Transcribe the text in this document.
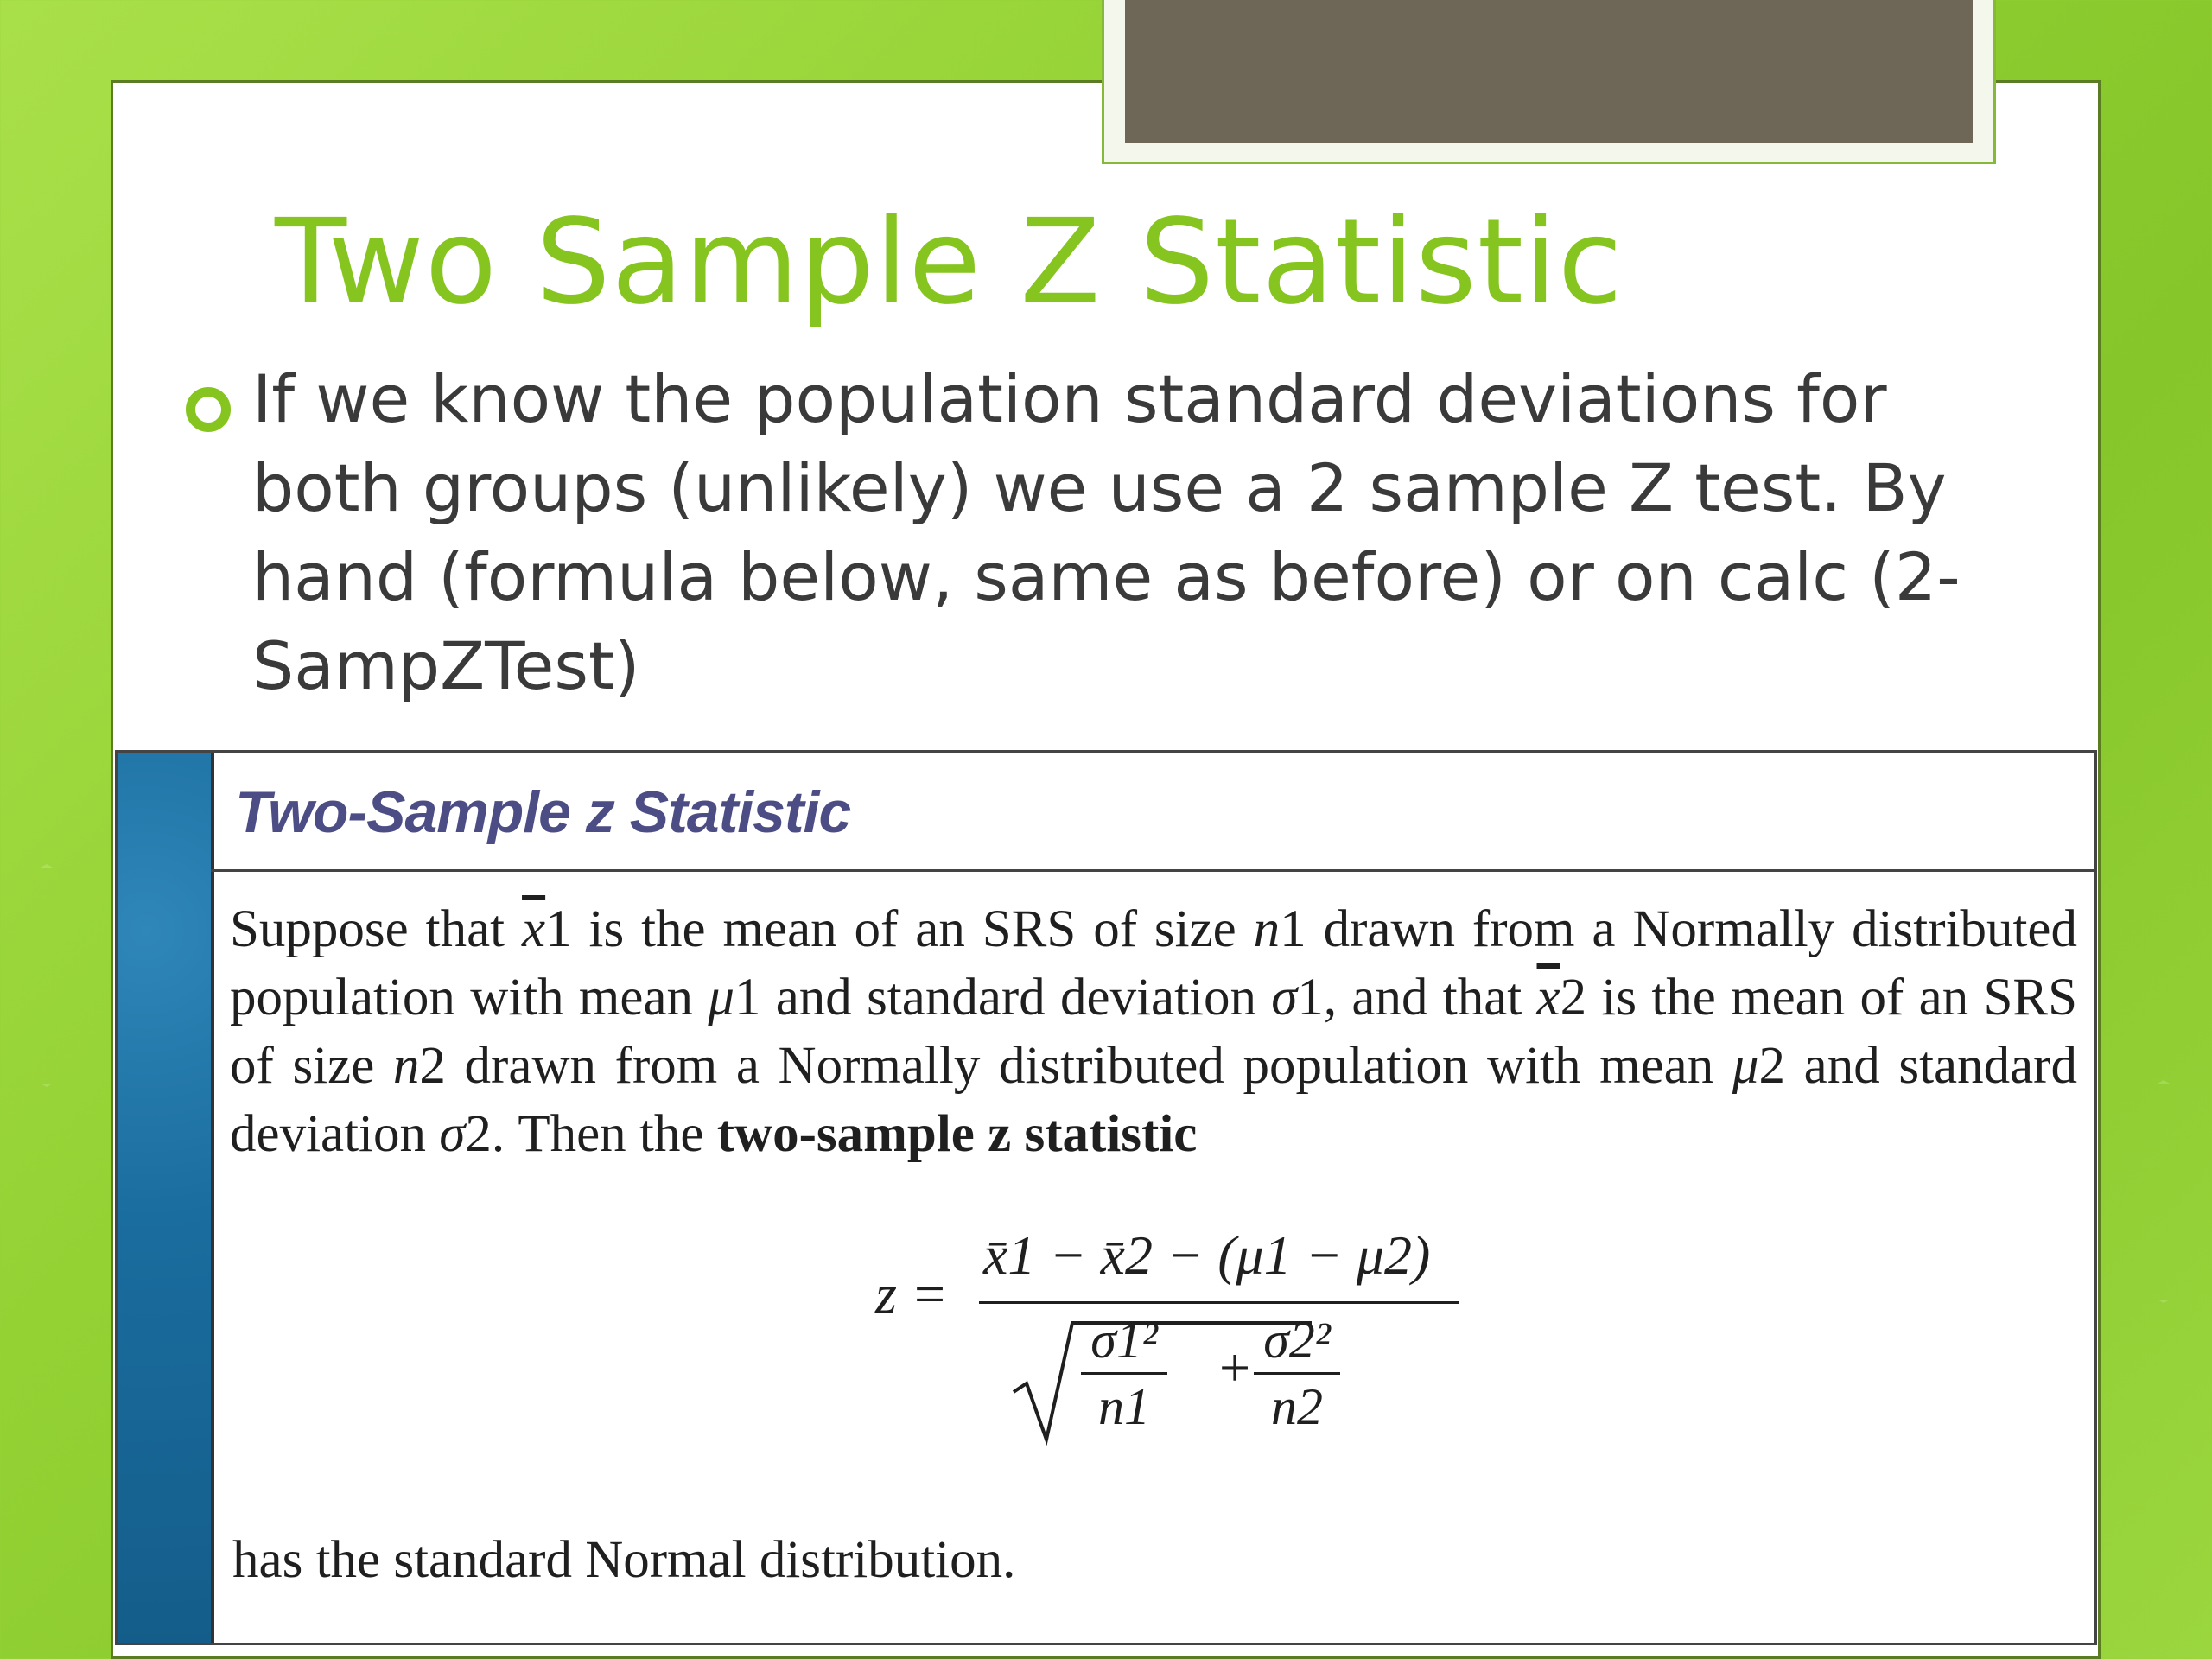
Two Sample Z Statistic

If we know the population standard deviations for both groups (unlikely) we use a 2 sample Z test. By hand (formula below, same as before) or on calc (2-SampZTest)

Two-Sample z Statistic

Suppose that $\overline{x}1$ is the mean of an SRS of size n1 drawn from a Normally distributed population with mean μ1 and standard deviation σ1, and that $\overline{x}2$ is the mean of an SRS of size n2 drawn from a Normally distributed population with mean μ2 and standard deviation σ2. Then the two-sample z statistic

z =
x̄1 − x̄2 − (μ1 − μ2)
σ1²
n1
+ σ2²
n2

has the standard Normal distribution.
